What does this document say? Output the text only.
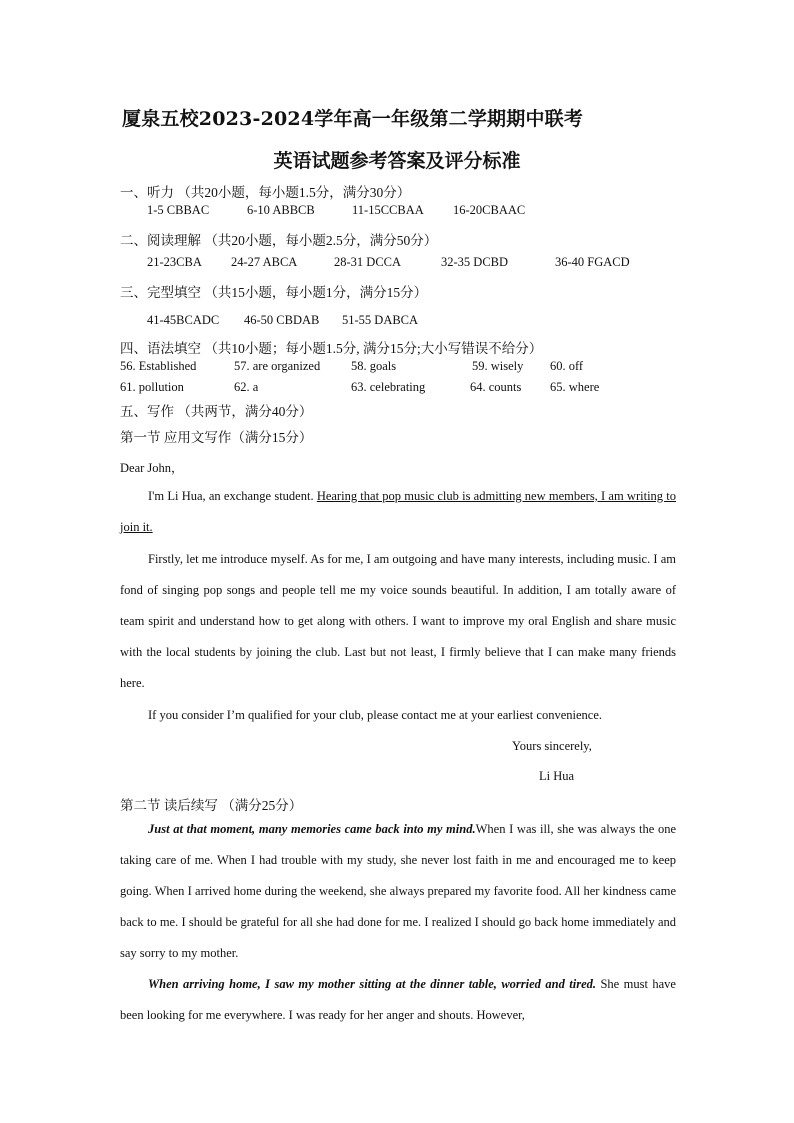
厦泉五校2023-2024学年高一年级第二学期期中联考
英语试题参考答案及评分标准
一、听力 （共20小题，每小题1.5分，满分30分）
1-5 CBBAC	6-10 ABBCB	11-15CCBAA 16-20CBAAC
二、阅读理解 （共20小题，每小题2.5分，满分50分）
21-23CBA 24-27 ABCA	28-31 DCCA	32-35 DCBD	36-40 FGACD
三、完型填空 （共15小题，每小题1分，满分15分）
41-45BCADC 46-50 CBDAB 51-55 DABCA
四、语法填空 （共10小题；每小题1.5分, 满分15分;大小写错误不给分）
56. Established	57. are organized 58. goals	59. wisely 60. off
61. pollution	62. a	63. celebrating	64. counts 65. where
五、写作 （共两节，满分40分）
第一节 应用文写作（满分15分）
Dear John，
I'm Li Hua, an exchange student. Hearing that pop music club is admitting new members, I am writing to join it.
Firstly, let me introduce myself. As for me, I am outgoing and have many interests, including music. I am fond of singing pop songs and people tell me my voice sounds beautiful. In addition, I am totally aware of team spirit and understand how to get along with others. I want to improve my oral English and share music with the local students by joining the club. Last but not least, I firmly believe that I can make many friends here.
If you consider I’m qualified for your club, please contact me at your earliest convenience.
Yours sincerely,
Li Hua
第二节 读后续写 （满分25分）
Just at that moment, many memories came back into my mind.When I was ill, she was always the one taking care of me. When I had trouble with my study, she never lost faith in me and encouraged me to keep going. When I arrived home during the weekend, she always prepared my favorite food. All her kindness came back to me. I should be grateful for all she had done for me. I realized I should go back home immediately and say sorry to my mother.
When arriving home, I saw my mother sitting at the dinner table, worried and tired. She must have been looking for me everywhere. I was ready for her anger and shouts. However,
